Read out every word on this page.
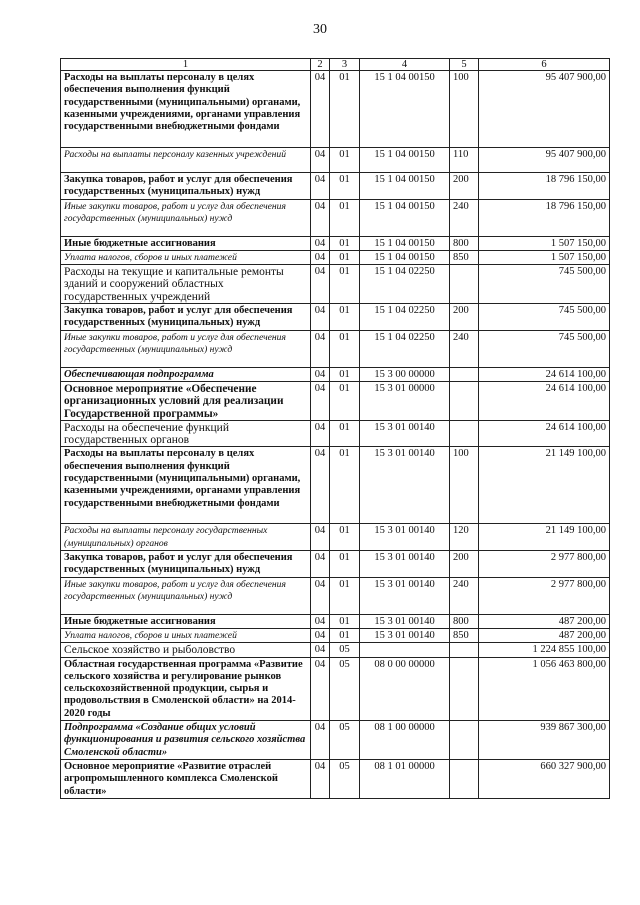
30
1	2	3	4	5	6
Расходы на выплаты персоналу в целях обеспечения выполнения функций государственными (муниципальными) органами, казенными учреждениями, органами управления государственными внебюджетными фондами	04	01	15 1 04 00150	100	95 407 900,00
Расходы на выплаты персоналу казенных учреждений	04	01	15 1 04 00150	110	95 407 900,00
Закупка товаров, работ и услуг для обеспечения государственных (муниципальных) нужд	04	01	15 1 04 00150	200	18 796 150,00
Иные закупки товаров, работ и услуг для обеспечения государственных (муниципальных) нужд	04	01	15 1 04 00150	240	18 796 150,00
Иные бюджетные ассигнования	04	01	15 1 04 00150	800	1 507 150,00
Уплата налогов, сборов и иных платежей	04	01	15 1 04 00150	850	1 507 150,00
Расходы на текущие и капитальные ремонты зданий и сооружений областных государственных учреждений	04	01	15 1 04 02250		745 500,00
Закупка товаров, работ и услуг для обеспечения государственных (муниципальных) нужд	04	01	15 1 04 02250	200	745 500,00
Иные закупки товаров, работ и услуг для обеспечения государственных (муниципальных) нужд	04	01	15 1 04 02250	240	745 500,00
Обеспечивающая подпрограмма	04	01	15 3 00 00000		24 614 100,00
Основное мероприятие «Обеспечение организационных условий для реализации Государственной программы»	04	01	15 3 01 00000		24 614 100,00
Расходы на обеспечение функций государственных органов	04	01	15 3 01 00140		24 614 100,00
Расходы на выплаты персоналу в целях обеспечения выполнения функций государственными (муниципальными) органами, казенными учреждениями, органами управления государственными внебюджетными фондами	04	01	15 3 01 00140	100	21 149 100,00
Расходы на выплаты персоналу государственных (муниципальных) органов	04	01	15 3 01 00140	120	21 149 100,00
Закупка товаров, работ и услуг для обеспечения государственных (муниципальных) нужд	04	01	15 3 01 00140	200	2 977 800,00
Иные закупки товаров, работ и услуг для обеспечения государственных (муниципальных) нужд	04	01	15 3 01 00140	240	2 977 800,00
Иные бюджетные ассигнования	04	01	15 3 01 00140	800	487 200,00
Уплата налогов, сборов и иных платежей	04	01	15 3 01 00140	850	487 200,00
Сельское хозяйство и рыболовство	04	05			1 224 855 100,00
Областная государственная программа «Развитие сельского хозяйства и регулирование рынков сельскохозяйственной продукции, сырья и продовольствия в Смоленской области» на 2014-2020 годы	04	05	08 0 00 00000		1 056 463 800,00
Подпрограмма «Создание общих условий функционирования и развития сельского хозяйства Смоленской области»	04	05	08 1 00 00000		939 867 300,00
Основное мероприятие «Развитие отраслей агропромышленного комплекса Смоленской области»	04	05	08 1 01 00000		660 327 900,00
